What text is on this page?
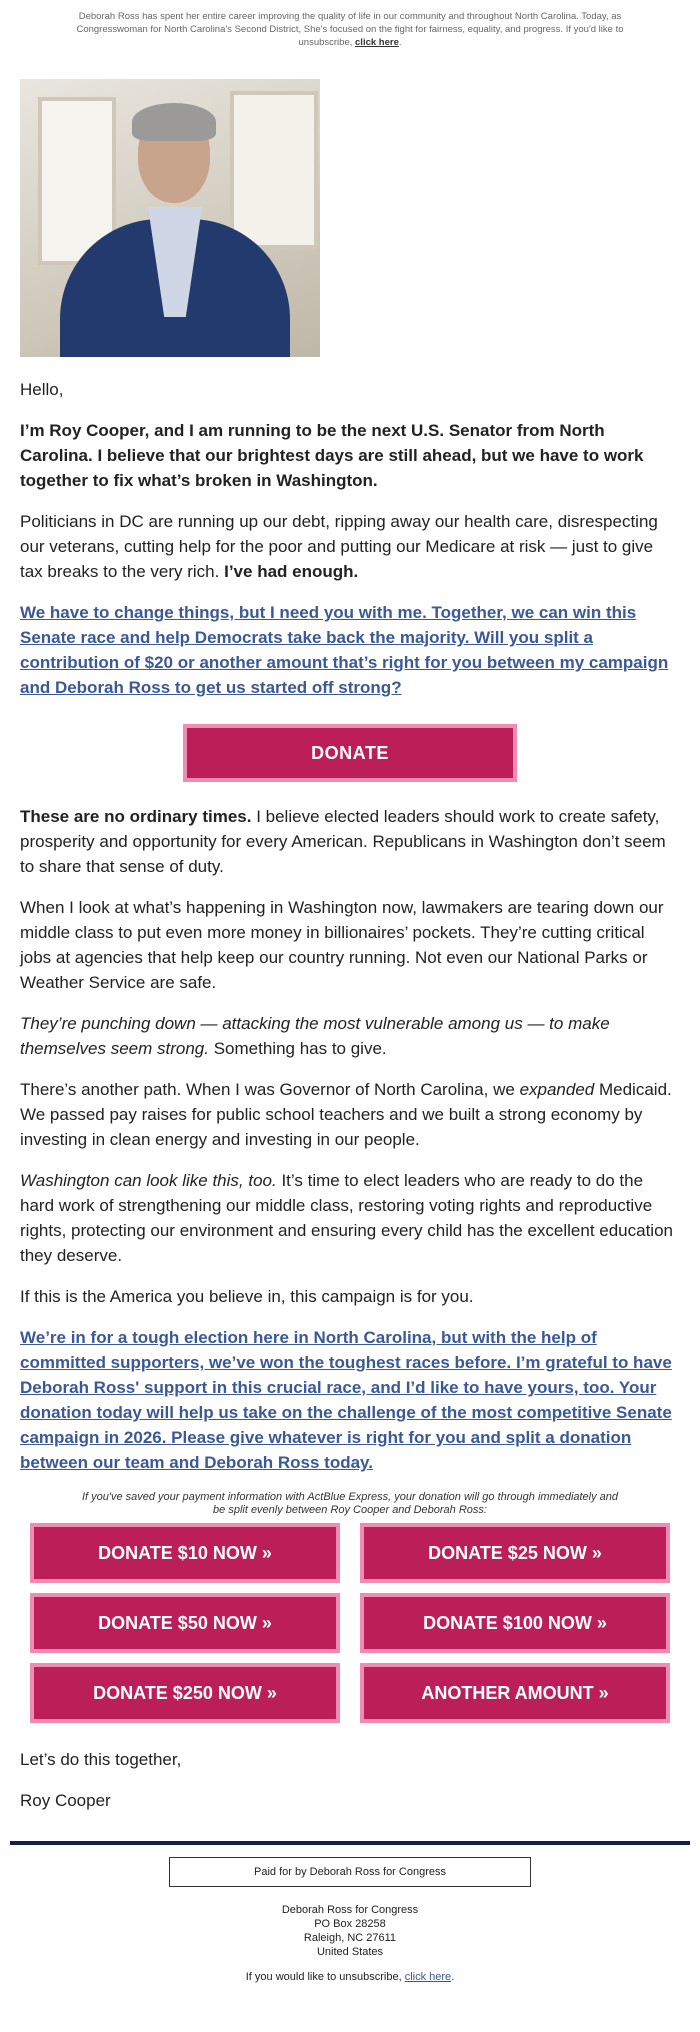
Deborah Ross has spent her entire career improving the quality of life in our community and throughout North Carolina. Today, as Congresswoman for North Carolina's Second District, She's focused on the fight for fairness, equality, and progress. If you'd like to unsubscribe, click here.

Hello,

I’m Roy Cooper, and I am running to be the next U.S. Senator from North Carolina. I believe that our brightest days are still ahead, but we have to work together to fix what’s broken in Washington.

Politicians in DC are running up our debt, ripping away our health care, disrespecting our veterans, cutting help for the poor and putting our Medicare at risk — just to give tax breaks to the very rich. I’ve had enough.

We have to change things, but I need you with me. Together, we can win this Senate race and help Democrats take back the majority. Will you split a contribution of $20 or another amount that’s right for you between my campaign and Deborah Ross to get us started off strong?

DONATE

These are no ordinary times. I believe elected leaders should work to create safety, prosperity and opportunity for every American. Republicans in Washington don’t seem to share that sense of duty.

When I look at what’s happening in Washington now, lawmakers are tearing down our middle class to put even more money in billionaires’ pockets. They’re cutting critical jobs at agencies that help keep our country running. Not even our National Parks or Weather Service are safe.

They’re punching down — attacking the most vulnerable among us — to make themselves seem strong. Something has to give.

There’s another path. When I was Governor of North Carolina, we expanded Medicaid. We passed pay raises for public school teachers and we built a strong economy by investing in clean energy and investing in our people.

Washington can look like this, too. It’s time to elect leaders who are ready to do the hard work of strengthening our middle class, restoring voting rights and reproductive rights, protecting our environment and ensuring every child has the excellent education they deserve.

If this is the America you believe in, this campaign is for you.

We’re in for a tough election here in North Carolina, but with the help of committed supporters, we’ve won the toughest races before. I’m grateful to have Deborah Ross' support in this crucial race, and I’d like to have yours, too. Your donation today will help us take on the challenge of the most competitive Senate campaign in 2026. Please give whatever is right for you and split a donation between our team and Deborah Ross today.

If you've saved your payment information with ActBlue Express, your donation will go through immediately and be split evenly between Roy Cooper and Deborah Ross:
DONATE $10 NOW »	DONATE $25 NOW »
DONATE $50 NOW »	DONATE $100 NOW »
DONATE $250 NOW »	ANOTHER AMOUNT »

Let’s do this together,

Roy Cooper

Paid for by Deborah Ross for Congress
Deborah Ross for Congress
PO Box 28258
Raleigh, NC 27611
United States
If you would like to unsubscribe, click here.
